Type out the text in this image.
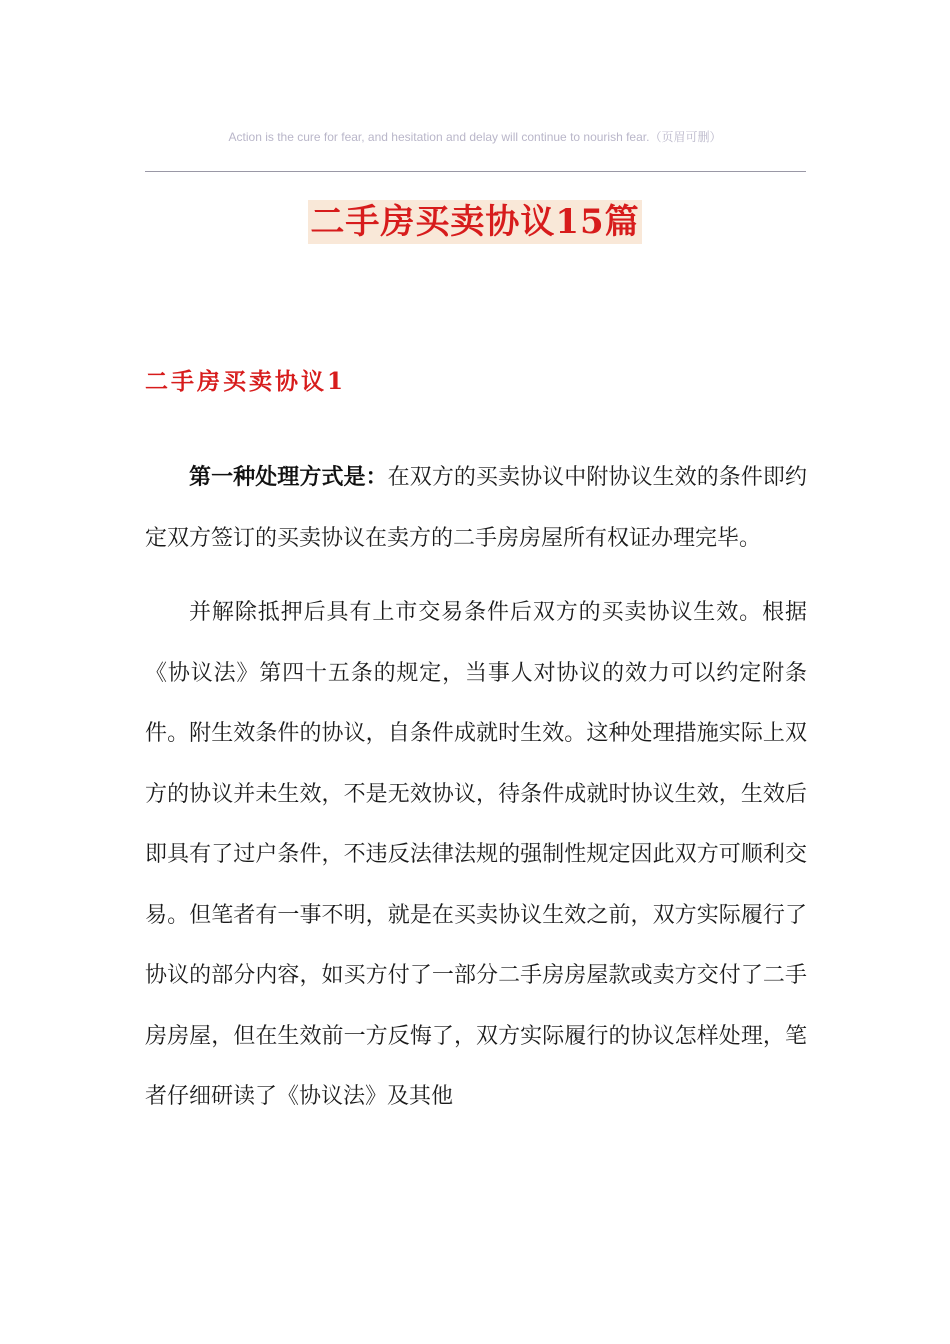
Action is the cure for fear, and hesitation and delay will continue to nourish fear.（页眉可删）
二手房买卖协议15篇
二手房买卖协议1

第一种处理方式是：在双方的买卖协议中附协议生效的条件即约定双方签订的买卖协议在卖方的二手房房屋所有权证办理完毕。

并解除抵押后具有上市交易条件后双方的买卖协议生效。根据《协议法》第四十五条的规定，当事人对协议的效力可以约定附条件。附生效条件的协议，自条件成就时生效。这种处理措施实际上双方的协议并未生效，不是无效协议，待条件成就时协议生效，生效后即具有了过户条件，不违反法律法规的强制性规定因此双方可顺利交易。但笔者有一事不明，就是在买卖协议生效之前，双方实际履行了协议的部分内容，如买方付了一部分二手房房屋款或卖方交付了二手房房屋，但在生效前一方反悔了，双方实际履行的协议怎样处理，笔者仔细研读了《协议法》及其他
